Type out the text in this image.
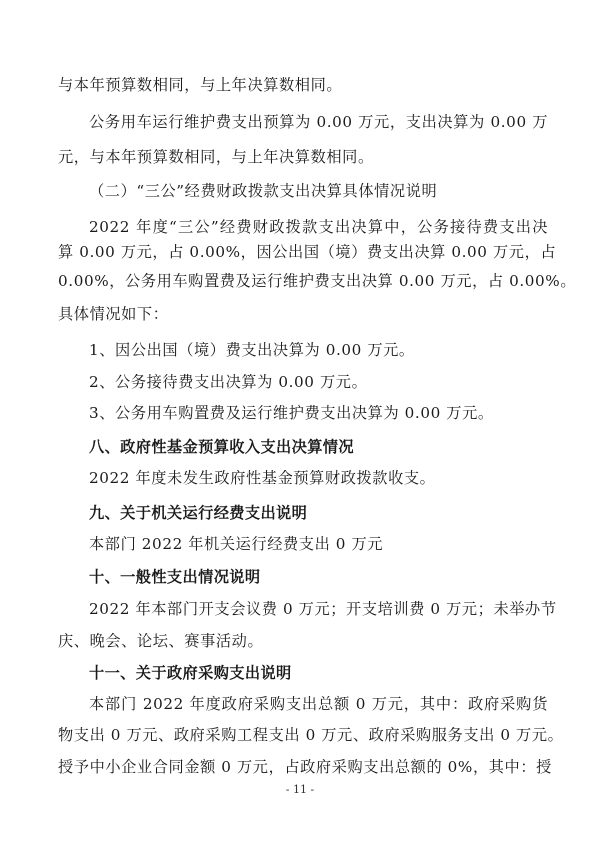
与本年预算数相同，与上年决算数相同。
公务用车运行维护费支出预算为 0.00 万元，支出决算为 0.00 万
元，与本年预算数相同，与上年决算数相同。
（二）“三公”经费财政拨款支出决算具体情况说明
2022 年度“三公”经费财政拨款支出决算中，公务接待费支出决
算 0.00 万元，占 0.00%，因公出国（境）费支出决算 0.00 万元，占
0.00%，公务用车购置费及运行维护费支出决算 0.00 万元，占 0.00%。
具体情况如下：
1、因公出国（境）费支出决算为 0.00 万元。
2、公务接待费支出决算为 0.00 万元。
3、公务用车购置费及运行维护费支出决算为 0.00 万元。
八、政府性基金预算收入支出决算情况
2022 年度未发生政府性基金预算财政拨款收支。
九、关于机关运行经费支出说明
本部门 2022 年机关运行经费支出 0 万元
十、一般性支出情况说明
2022 年本部门开支会议费 0 万元；开支培训费 0 万元；未举办节
庆、晚会、论坛、赛事活动。
十一、关于政府采购支出说明
本部门 2022 年度政府采购支出总额 0 万元，其中：政府采购货
物支出 0 万元、政府采购工程支出 0 万元、政府采购服务支出 0 万元。
授予中小企业合同金额 0 万元，占政府采购支出总额的 0%，其中：授
- 11 -
